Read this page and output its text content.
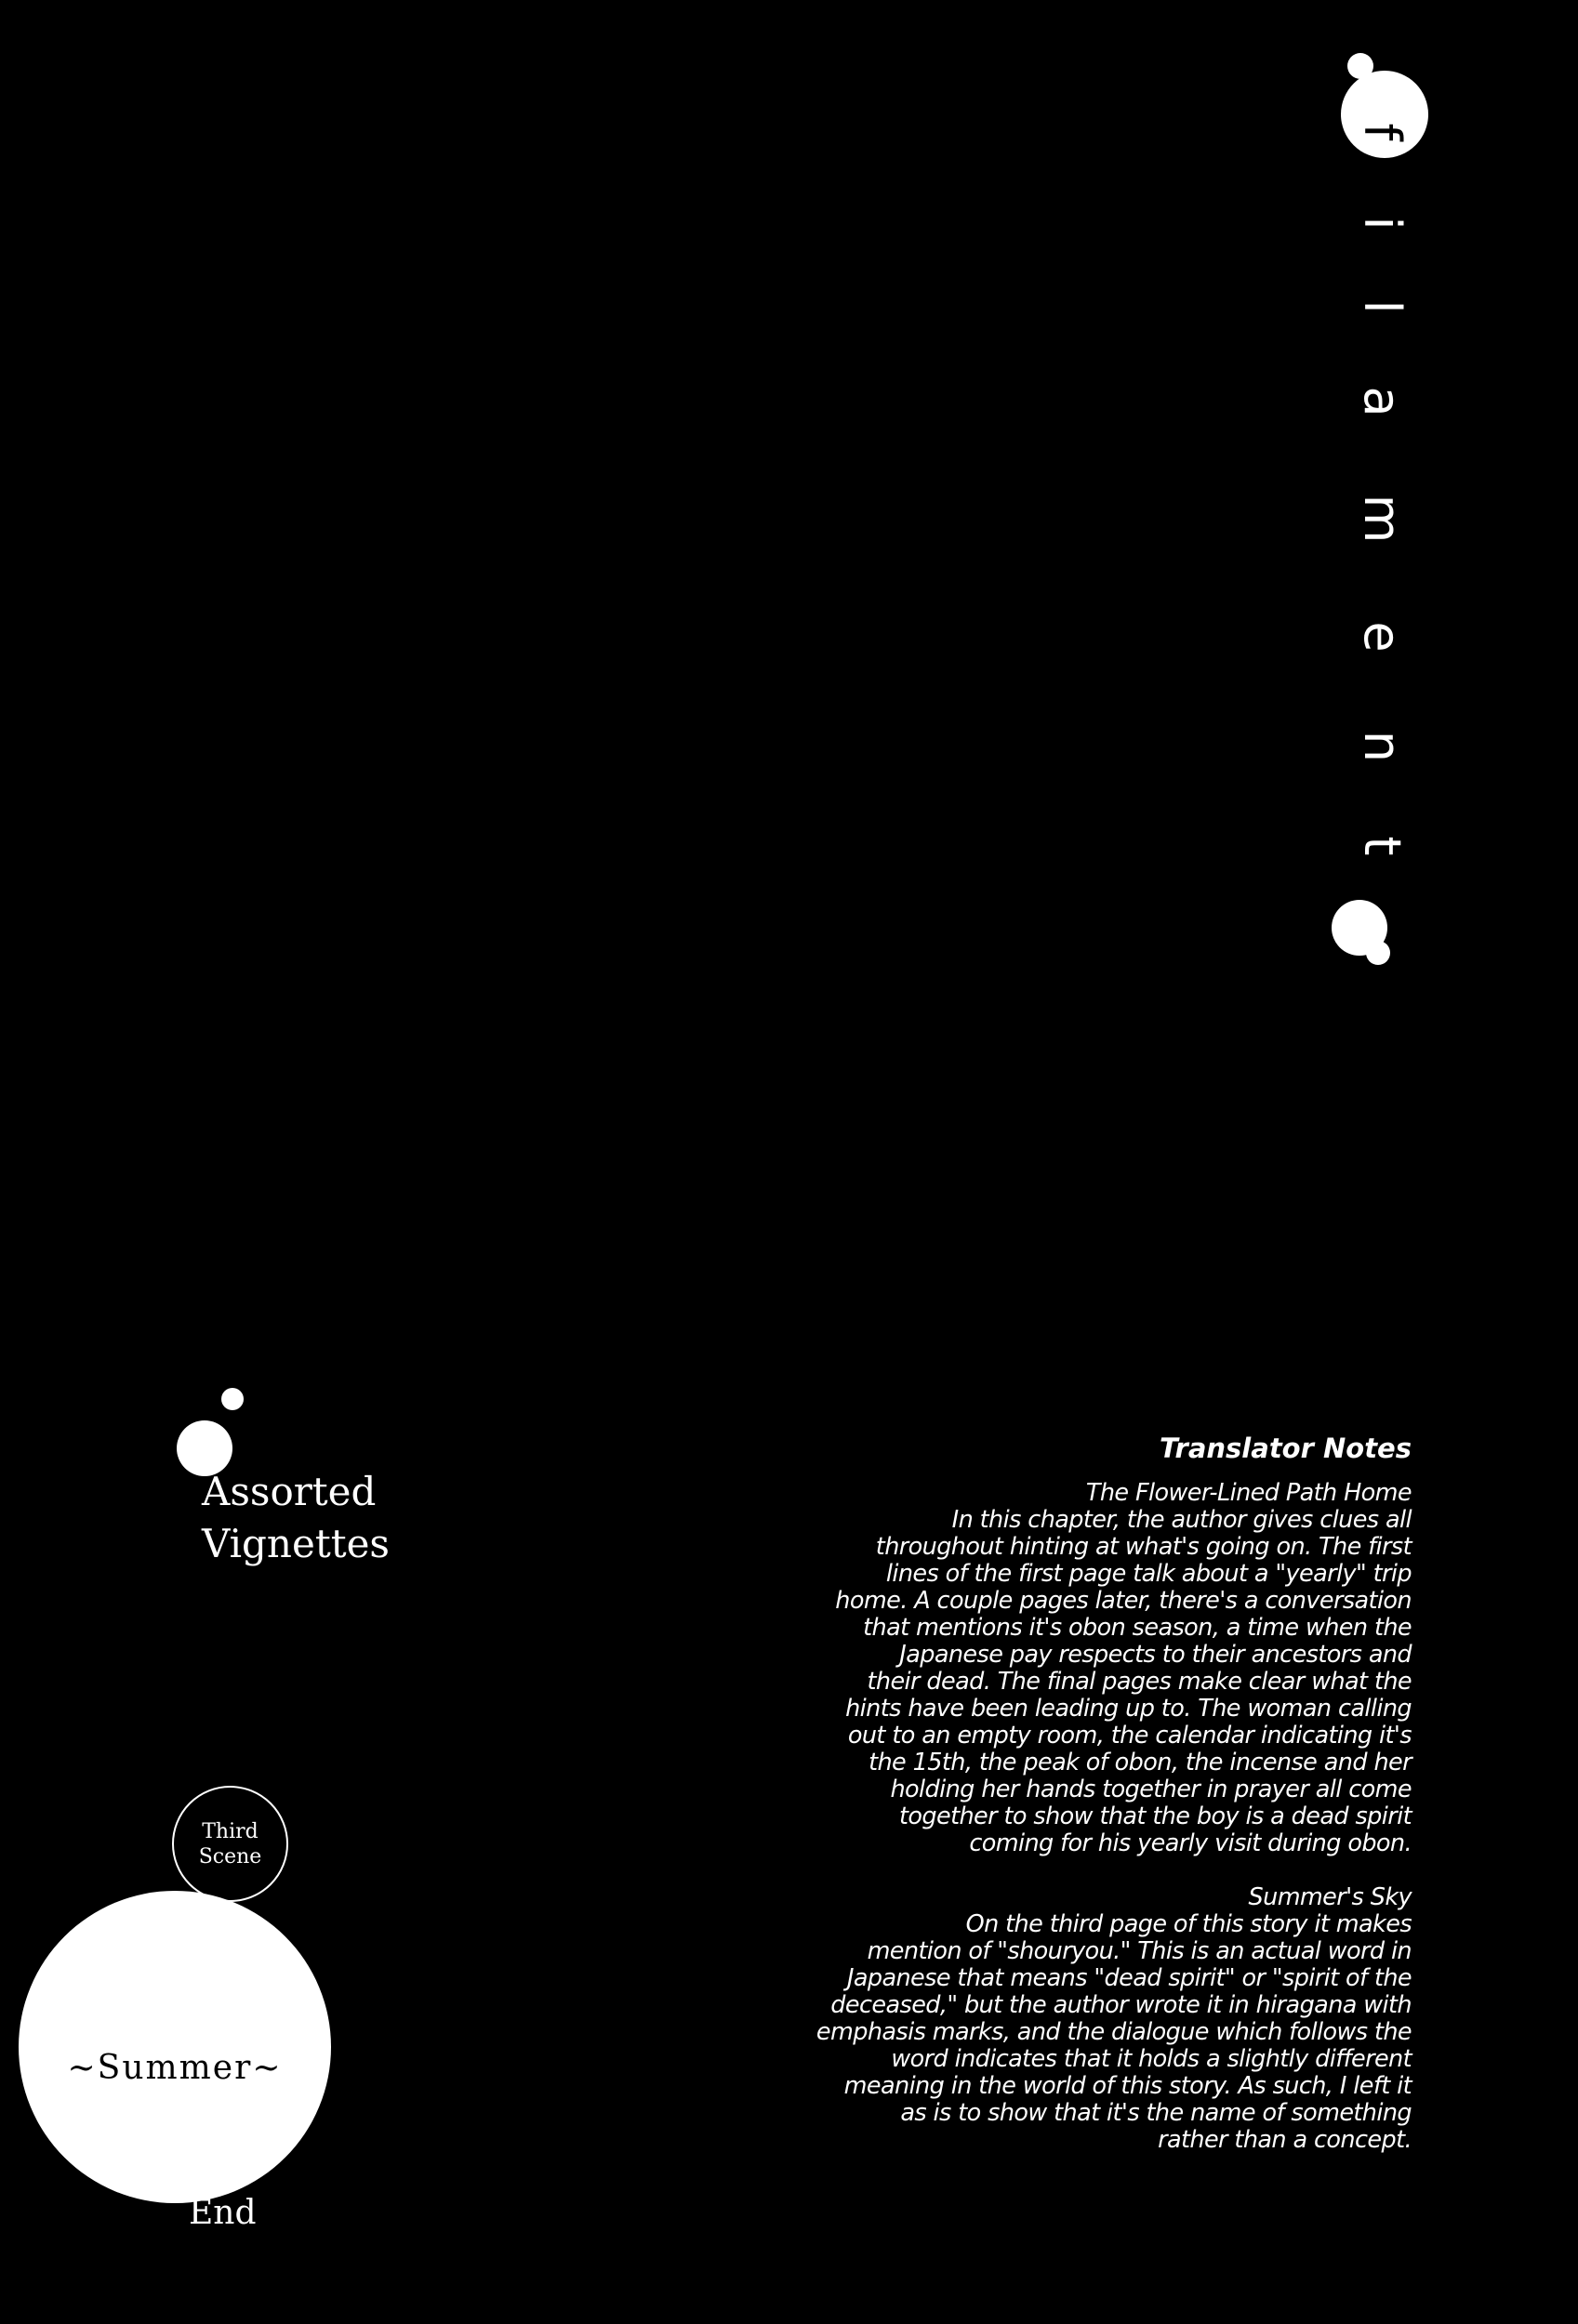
f
i
l
a
m
e
n
t
Assorted
Vignettes
Third
Scene
~Summer~
End
Translator Notes
The Flower-Lined Path Home
In this chapter, the author gives clues all
throughout hinting at what's going on. The first
lines of the first page talk about a "yearly" trip
home. A couple pages later, there's a conversation
that mentions it's obon season, a time when the
Japanese pay respects to their ancestors and
their dead. The final pages make clear what the
hints have been leading up to. The woman calling
out to an empty room, the calendar indicating it's
the 15th, the peak of obon, the incense and her
holding her hands together in prayer all come
together to show that the boy is a dead spirit
coming for his yearly visit during obon.
Summer's Sky
On the third page of this story it makes
mention of "shouryou." This is an actual word in
Japanese that means "dead spirit" or "spirit of the
deceased," but the author wrote it in hiragana with
emphasis marks, and the dialogue which follows the
word indicates that it holds a slightly different
meaning in the world of this story. As such, I left it
as is to show that it's the name of something
rather than a concept.
